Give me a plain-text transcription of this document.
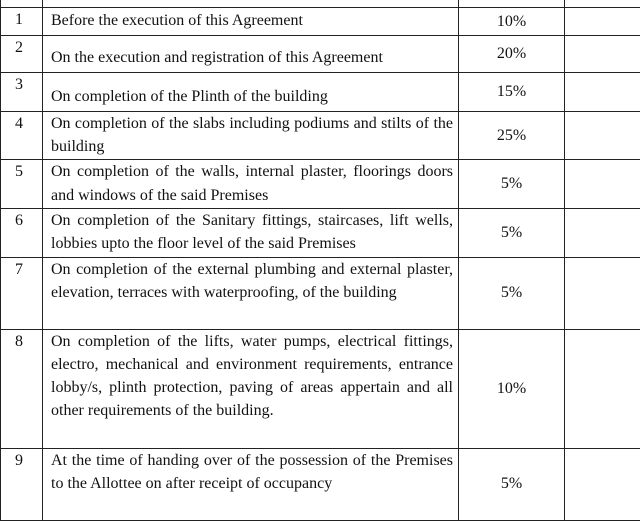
1	Before the execution of this Agreement	10%	
2	On the execution and registration of this Agreement	20%	
3	On completion of the Plinth of the building	15%	
4	On completion of the slabs including podiums and stilts of the building	25%	
5	On completion of the walls, internal plaster, floorings doors and windows of the said Premises	5%	
6	On completion of the Sanitary fittings, staircases, lift wells, lobbies upto the floor level of the said Premises	5%	
7	On completion of the external plumbing and external plaster, elevation, terraces with waterproofing, of the building	5%	
8	On completion of the lifts, water pumps, electrical fittings, electro, mechanical and environment requirements, entrance lobby/s, plinth protection, paving of areas appertain and all other requirements of the building.	10%	
9	At the time of handing over of the possession of the Premises to the Allottee on after receipt of occupancy	5%	
